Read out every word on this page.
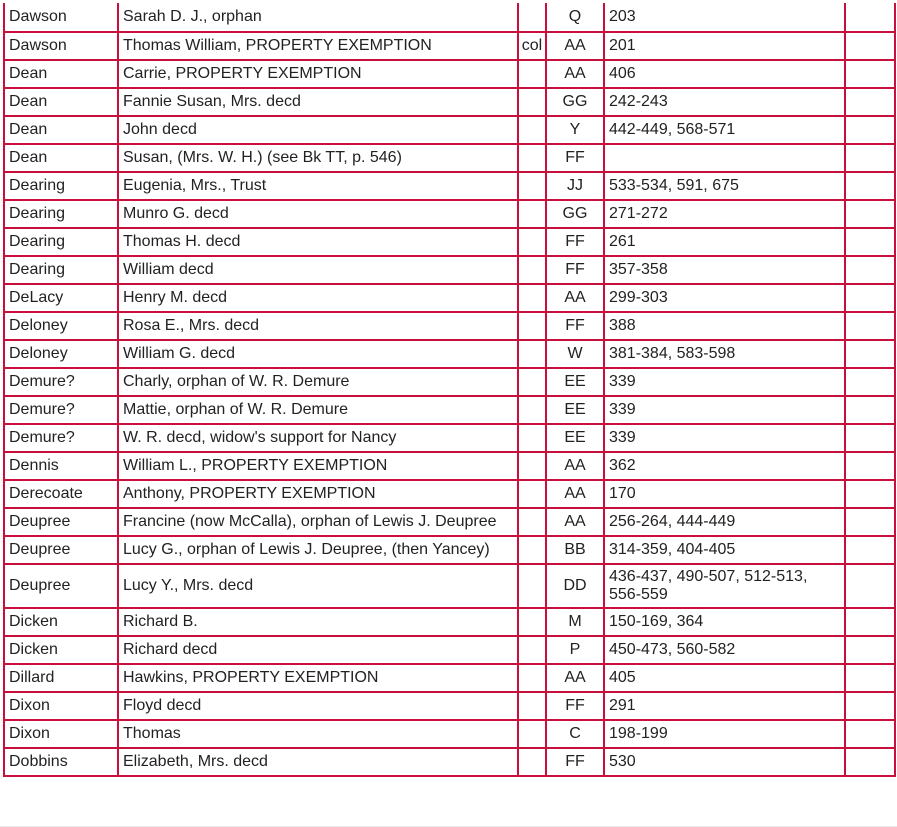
Dawson	Sarah D. J., orphan		Q	203	
Dawson	Thomas William, PROPERTY EXEMPTION	col	AA	201	
Dean	Carrie, PROPERTY EXEMPTION		AA	406	
Dean	Fannie Susan, Mrs. decd		GG	242-243	
Dean	John decd		Y	442-449, 568-571	
Dean	Susan, (Mrs. W. H.) (see Bk TT, p. 546)		FF		
Dearing	Eugenia, Mrs., Trust		JJ	533-534, 591, 675	
Dearing	Munro G. decd		GG	271-272	
Dearing	Thomas H. decd		FF	261	
Dearing	William decd		FF	357-358	
DeLacy	Henry M. decd		AA	299-303	
Deloney	Rosa E., Mrs. decd		FF	388	
Deloney	William G. decd		W	381-384, 583-598	
Demure?	Charly, orphan of W. R. Demure		EE	339	
Demure?	Mattie, orphan of W. R. Demure		EE	339	
Demure?	W. R. decd, widow's support for Nancy		EE	339	
Dennis	William L., PROPERTY EXEMPTION		AA	362	
Derecoate	Anthony, PROPERTY EXEMPTION		AA	170	
Deupree	Francine (now McCalla), orphan of Lewis J. Deupree		AA	256-264, 444-449	
Deupree	Lucy G., orphan of Lewis J. Deupree, (then Yancey)		BB	314-359, 404-405	
Deupree	Lucy Y., Mrs. decd		DD	436-437, 490-507, 512-513, 556-559	
Dicken	Richard B.		M	150-169, 364	
Dicken	Richard decd		P	450-473, 560-582	
Dillard	Hawkins, PROPERTY EXEMPTION		AA	405	
Dixon	Floyd decd		FF	291	
Dixon	Thomas		C	198-199	
Dobbins	Elizabeth, Mrs. decd		FF	530	
